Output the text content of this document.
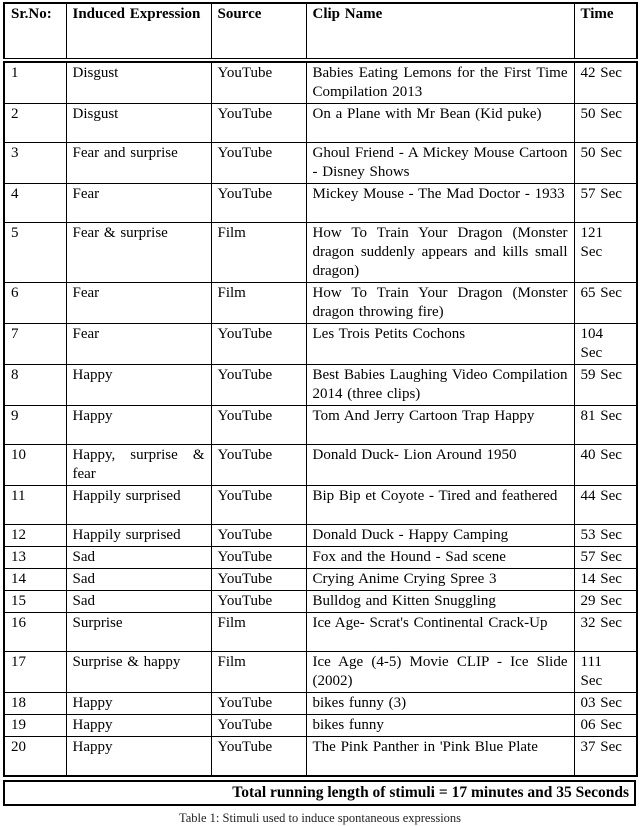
Sr.No:	Induced Expression	Source	Clip Name	Time
1	Disgust	YouTube	Babies Eating Lemons for the First Time Compilation 2013	42 Sec
2	Disgust	YouTube	On a Plane with Mr Bean (Kid puke)	50 Sec
3	Fear and surprise	YouTube	Ghoul Friend - A Mickey Mouse Cartoon - Disney Shows	50 Sec
4	Fear	YouTube	Mickey Mouse - The Mad Doctor - 1933	57 Sec
5	Fear & surprise	Film	How To Train Your Dragon (Monster dragon suddenly appears and kills small dragon)	121 Sec
6	Fear	Film	How To Train Your Dragon (Monster dragon throwing fire)	65 Sec
7	Fear	YouTube	Les Trois Petits Cochons	104 Sec
8	Happy	YouTube	Best Babies Laughing Video Compilation 2014 (three clips)	59 Sec
9	Happy	YouTube	Tom And Jerry Cartoon Trap Happy	81 Sec
10	Happy, surprise & fear	YouTube	Donald Duck- Lion Around 1950	40 Sec
11	Happily surprised	YouTube	Bip Bip et Coyote - Tired and feathered	44 Sec
12	Happily surprised	YouTube	Donald Duck - Happy Camping	53 Sec
13	Sad	YouTube	Fox and the Hound - Sad scene	57 Sec
14	Sad	YouTube	Crying Anime Crying Spree 3	14 Sec
15	Sad	YouTube	Bulldog and Kitten Snuggling	29 Sec
16	Surprise	Film	Ice Age- Scrat's Continental Crack-Up	32 Sec
17	Surprise & happy	Film	Ice Age (4-5) Movie CLIP - Ice Slide (2002)	111 Sec
18	Happy	YouTube	bikes funny (3)	03 Sec
19	Happy	YouTube	bikes funny	06 Sec
20	Happy	YouTube	The Pink Panther in 'Pink Blue Plate	37 Sec
Total running length of stimuli = 17 minutes and 35 Seconds
Table 1: Stimuli used to induce spontaneous expressions
